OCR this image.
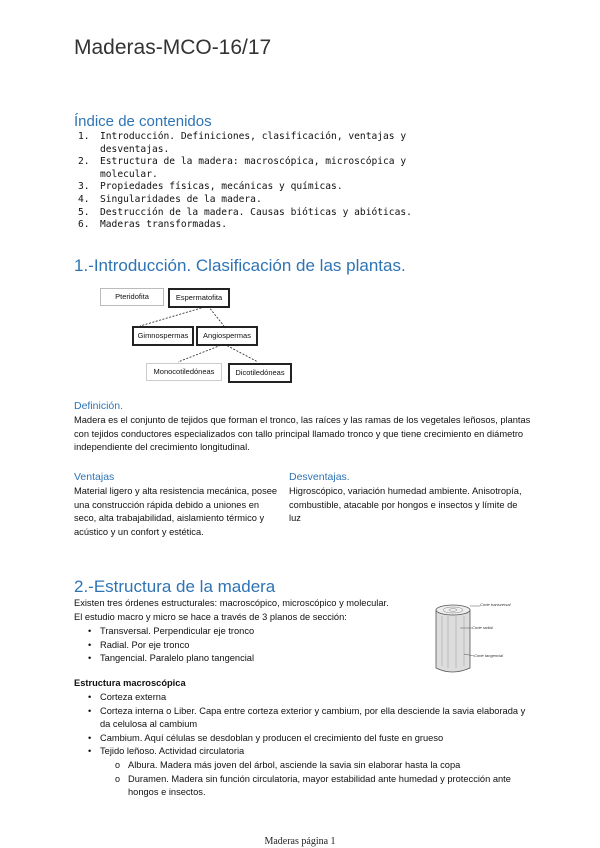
Maderas-MCO-16/17
Índice de contenidos
1. Introducción. Definiciones, clasificación, ventajas y desventajas.
2. Estructura de la madera: macroscópica, microscópica y molecular.
3. Propiedades físicas, mecánicas y químicas.
4. Singularidades de la madera.
5. Destrucción de la madera. Causas bióticas y abióticas.
6. Maderas transformadas.
1.-Introducción. Clasificación de las plantas.
Pteridofita	Espermatofita
Gimnospermas	Angiospermas
Monocotiledóneas	Dicotiledóneas
Definición.
Madera es el conjunto de tejidos que forman el tronco, las raíces y las ramas de los vegetales leñosos, plantas con tejidos conductores especializados con tallo principal llamado tronco y que tiene crecimiento en diámetro independiente del crecimiento longitudinal.
Ventajas
Material ligero y alta resistencia mecánica, posee una construcción rápida debido a uniones en seco, alta trabajabilidad, aislamiento térmico y acústico y un confort y estética.
Desventajas.
Higroscópico, variación humedad ambiente. Anisotropía, combustible, atacable por hongos e insectos y límite de luz
2.-Estructura de la madera
Existen tres órdenes estructurales: macroscópico, microscópico y molecular.
El estudio macro y micro se hace a través de 3 planos de sección:
• Transversal. Perpendicular eje tronco
• Radial. Por eje tronco
• Tangencial. Paralelo plano tangencial
Corte transversal
Corte radial
Corte tangencial
Estructura macroscópica
• Corteza externa
• Corteza interna o Liber. Capa entre corteza exterior y cambium, por ella desciende la savia elaborada y da celulosa al cambium
• Cambium. Aquí células se desdoblan y producen el crecimiento del fuste en grueso
• Tejido leñoso. Actividad circulatoria
o Albura. Madera más joven del árbol, asciende la savia sin elaborar hasta la copa
o Duramen. Madera sin función circulatoria, mayor estabilidad ante humedad y protección ante hongos e insectos.
Maderas página 1
